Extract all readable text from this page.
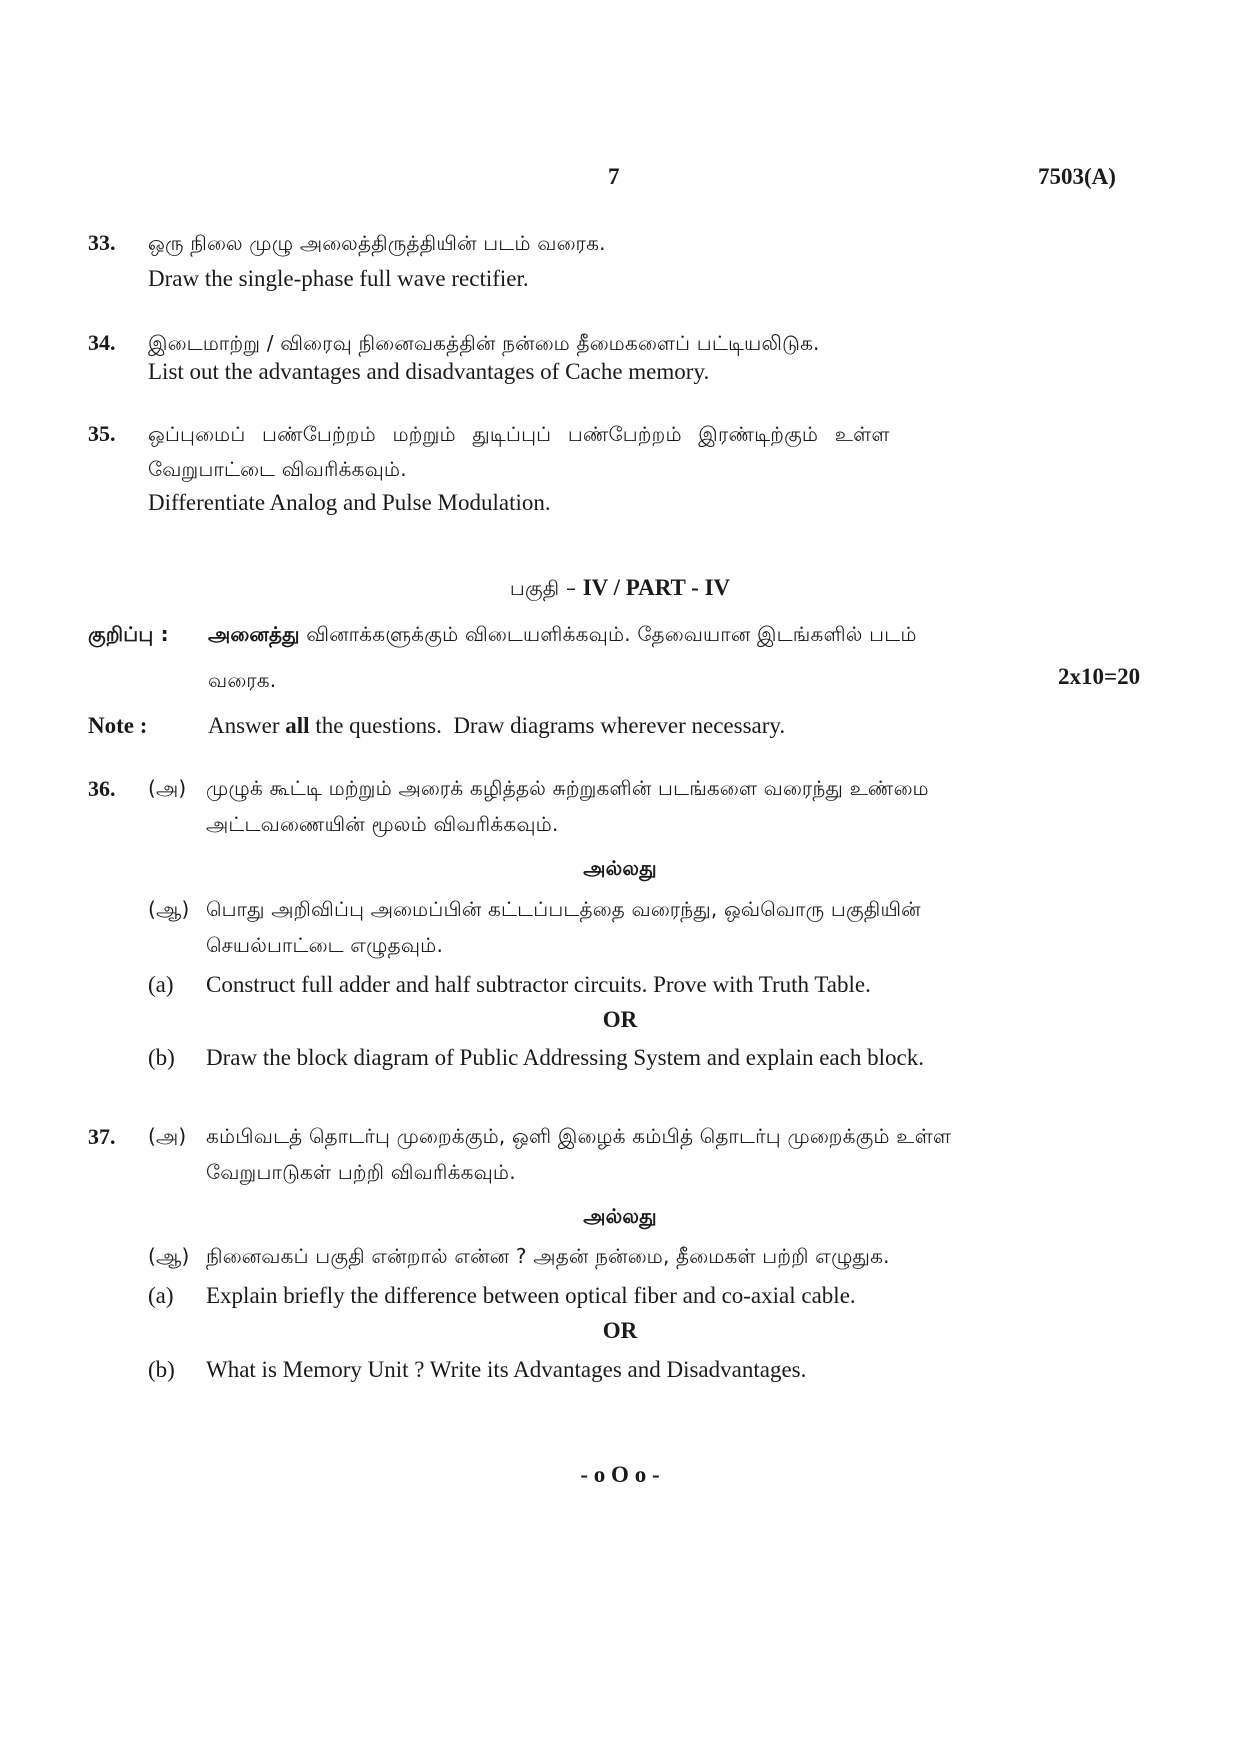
7	7503(A)
33. ஒரு நிலை முழு அலைத்திருத்தியின் படம் வரைக.
Draw the single-phase full wave rectifier.
34. இடைமாற்று / விரைவு நினைவகத்தின் நன்மை தீமைகளைப் பட்டியலிடுக.
List out the advantages and disadvantages of Cache memory.
35. ஒப்புமைப் பண்பேற்றம் மற்றும் துடிப்புப் பண்பேற்றம் இரண்டிற்கும் உள்ள
வேறுபாட்டை விவரிக்கவும்.
Differentiate Analog and Pulse Modulation.
பகுதி – IV / PART - IV
குறிப்பு : அனைத்து வினாக்களுக்கும் விடையளிக்கவும். தேவையான இடங்களில் படம்
வரைக.	2x10=20
Note :	Answer all the questions.  Draw diagrams wherever necessary.
36. (அ) முழுக் கூட்டி மற்றும் அரைக் கழித்தல் சுற்றுகளின் படங்களை வரைந்து உண்மை
அட்டவணையின் மூலம் விவரிக்கவும்.
அல்லது
(ஆ) பொது அறிவிப்பு அமைப்பின் கட்டப்படத்தை வரைந்து, ஒவ்வொரு பகுதியின்
செயல்பாட்டை எழுதவும்.
(a) Construct full adder and half subtractor circuits. Prove with Truth Table.
OR
(b) Draw the block diagram of Public Addressing System and explain each block.
37. (அ) கம்பிவடத் தொடர்பு முறைக்கும், ஒளி இழைக் கம்பித் தொடர்பு முறைக்கும் உள்ள
வேறுபாடுகள் பற்றி விவரிக்கவும்.
அல்லது
(ஆ) நினைவகப் பகுதி என்றால் என்ன ? அதன் நன்மை, தீமைகள் பற்றி எழுதுக.
(a) Explain briefly the difference between optical fiber and co-axial cable.
OR
(b) What is Memory Unit ? Write its Advantages and Disadvantages.
- o O o -
